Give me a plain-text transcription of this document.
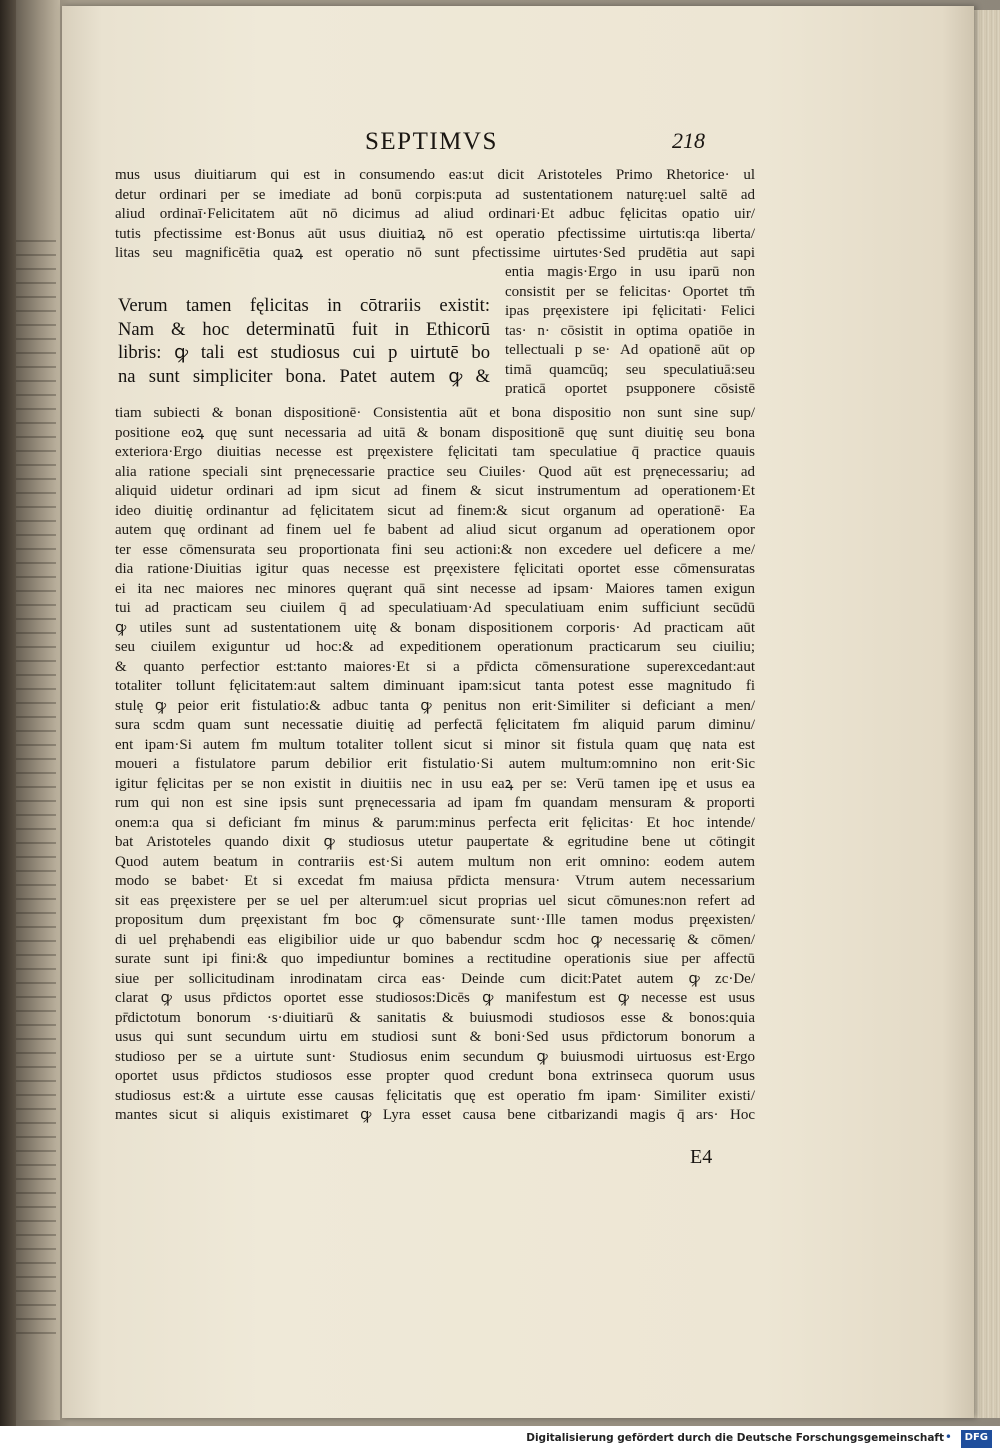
SEPTIMVS	218
mus usus diuitiarum qui est in consumendo eas:ut dicit Aristoteles Primo Rhetorice· ul
detur ordinari per se imediate ad bonū corpis:puta ad sustentationem naturę:uel saltē ad
aliud ordinaī·Felicitatem aūt nō dicimus ad aliud ordinari·Et adbuc fęlicitas opatio uir/
tutis pfectissime est·Bonus aūt usus diuitiaꝝ nō est operatio pfectissime uirtutis:qa liberta/
litas seu magnificētia quaꝝ est operatio nō sunt pfectissime uirtutes·Sed prudētia aut sapi
entia magis·Ergo in usu iparū non
consistit per se felicitas· Oportet tm̄
ipas pręexistere ipi fęlicitati· Felici
tas· n· cōsistit in optima opatiōe in
tellectuali p se· Ad opationē aūt op
timā quamcūq; seu speculatiuā:seu
praticā oportet psupponere cōsistē
Verum tamen fęlicitas in cōtrariis existit:
Nam & hoc determinatū fuit in Ethicorū
libris: ꝙ tali est studiosus cui p uirtutē bo
na sunt simpliciter bona. Patet autem ꝙ &
tiam subiecti & bonan dispositionē· Consistentia aūt et bona dispositio non sunt sine sup/
positione eoꝝ quę sunt necessaria ad uitā & bonam dispositionē quę sunt diuitię seu bona
exteriora·Ergo diuitias necesse est pręexistere fęlicitati tam speculatiue q̄ practice quauis
alia ratione speciali sint pręnecessarie practice seu Ciuiles· Quod aūt est pręnecessariu; ad
aliquid uidetur ordinari ad ipm sicut ad finem & sicut instrumentum ad operationem·Et
ideo diuitię ordinantur ad fęlicitatem sicut ad finem:& sicut organum ad operationē· Ea
autem quę ordinant ad finem uel fe babent ad aliud sicut organum ad operationem opor
ter esse cōmensurata seu proportionata fini seu actioni:& non excedere uel deficere a me/
dia ratione·Diuitias igitur quas necesse est pręexistere fęlicitati oportet esse cōmensuratas
ei ita nec maiores nec minores quęrant quā sint necesse ad ipsam· Maiores tamen exigun
tui ad practicam seu ciuilem q̄ ad speculatiuam·Ad speculatiuam enim sufficiunt secūdū
ꝙ utiles sunt ad sustentationem uitę & bonam dispositionem corporis· Ad practicam aūt
seu ciuilem exiguntur ud hoc:& ad expeditionem operationum practicarum seu ciuiliu;
& quanto perfectior est:tanto maiores·Et si a pr̄dicta cōmensuratione superexcedant:aut
totaliter tollunt fęlicitatem:aut saltem diminuant ipam:sicut tanta potest esse magnitudo fi
stulę ꝙ peior erit fistulatio:& adbuc tanta ꝙ penitus non erit·Similiter si deficiant a men/
sura scdm quam sunt necessatie diuitię ad perfectā fęlicitatem fm aliquid parum diminu/
ent ipam·Si autem fm multum totaliter tollent sicut si minor sit fistula quam quę nata est
moueri a fistulatore parum debilior erit fistulatio·Si autem multum:omnino non erit·Sic
igitur fęlicitas per se non existit in diuitiis nec in usu eaꝝ per se: Verū tamen ipę et usus ea
rum qui non est sine ipsis sunt pręnecessaria ad ipam fm quandam mensuram & proporti
onem:a qua si deficiant fm minus & parum:minus perfecta erit fęlicitas· Et hoc intende/
bat Aristoteles quando dixit ꝙ studiosus utetur paupertate & egritudine bene ut cōtingit
Quod autem beatum in contrariis est·Si autem multum non erit omnino: eodem autem
modo se babet· Et si excedat fm maiusa pr̄dicta mensura· Vtrum autem necessarium
sit eas pręexistere per se uel per alterum:uel sicut proprias uel sicut cōmunes:non refert ad
propositum dum pręexistant fm boc ꝙ cōmensurate sunt··Ille tamen modus pręexisten/
di uel pręhabendi eas eligibilior uide ur quo babendur scdm hoc ꝙ necessarię & cōmen/
surate sunt ipi fini:& quo impediuntur bomines a rectitudine operationis siue per affectū
siue per sollicitudinam inrodinatam circa eas· Deinde cum dicit:Patet autem ꝙ zc·De/
clarat ꝙ usus pr̄dictos oportet esse studiosos:Dicēs ꝙ manifestum est ꝙ necesse est usus
pr̄dictotum bonorum ·s·diuitiarū & sanitatis & buiusmodi studiosos esse & bonos:quia
usus qui sunt secundum uirtu em studiosi sunt & boni·Sed usus pr̄dictorum bonorum a
studioso per se a uirtute sunt· Studiosus enim secundum ꝙ buiusmodi uirtuosus est·Ergo
oportet usus pr̄dictos studiosos esse propter quod credunt bona extrinseca quorum usus
studiosus est:& a uirtute esse causas fęlicitatis quę est operatio fm ipam· Similiter existi/
mantes sicut si aliquis existimaret ꝙ Lyra esset causa bene citbarizandi magis q̄ ars· Hoc
E4
Digitalisierung gefördert durch die Deutsche Forschungsgemeinschaft •	DFG
